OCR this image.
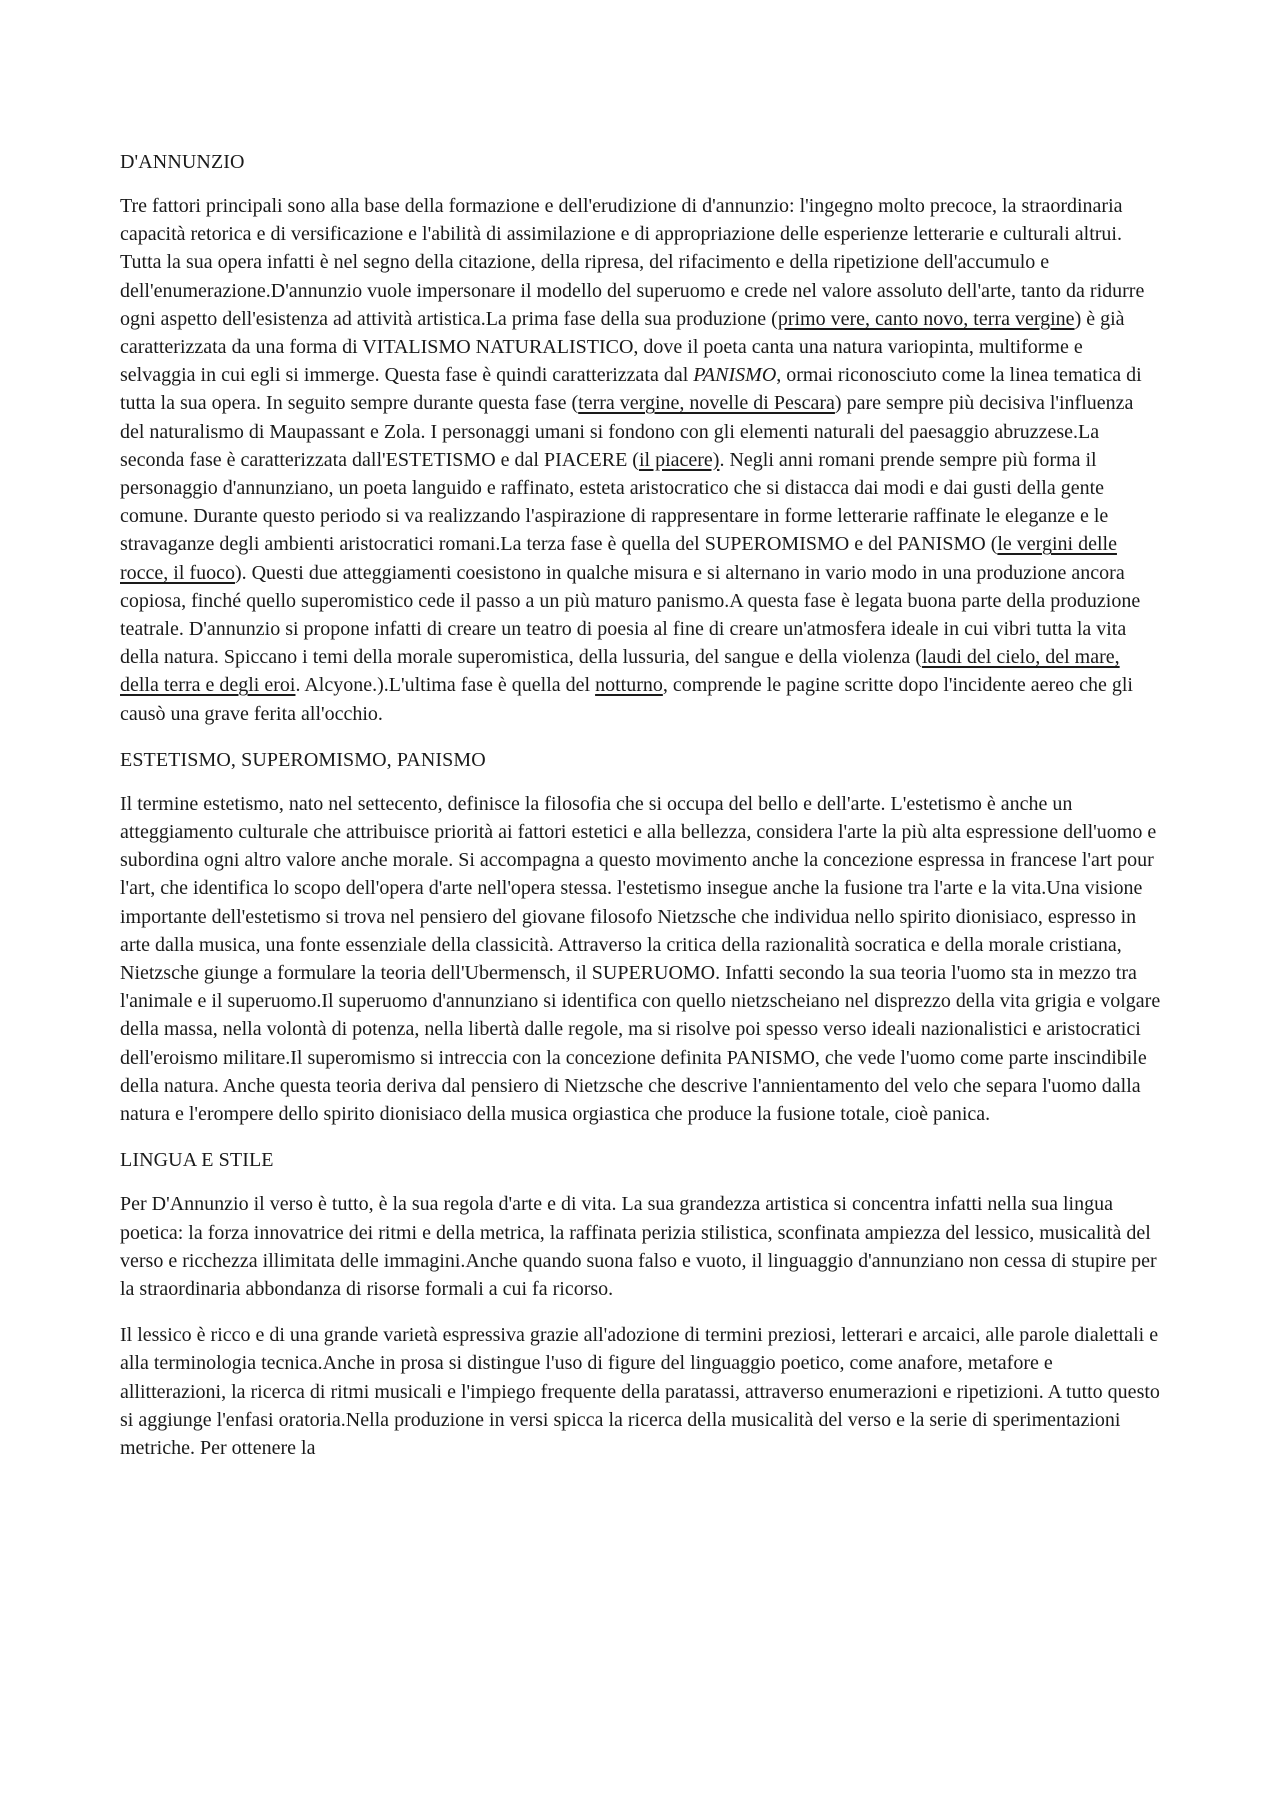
D'ANNUNZIO

Tre fattori principali sono alla base della formazione e dell'erudizione di d'annunzio: l'ingegno molto precoce, la straordinaria capacità retorica e di versificazione e l'abilità di assimilazione e di appropriazione delle esperienze letterarie e culturali altrui. Tutta la sua opera infatti è nel segno della citazione, della ripresa, del rifacimento e della ripetizione dell'accumulo e dell'enumerazione.D'annunzio vuole impersonare il modello del superuomo e crede nel valore assoluto dell'arte, tanto da ridurre ogni aspetto dell'esistenza ad attività artistica.La prima fase della sua produzione (primo vere, canto novo, terra vergine) è già caratterizzata da una forma di VITALISMO NATURALISTICO, dove il poeta canta una natura variopinta, multiforme e selvaggia in cui egli si immerge. Questa fase è quindi caratterizzata dal PANISMO, ormai riconosciuto come la linea tematica di tutta la sua opera. In seguito sempre durante questa fase (terra vergine, novelle di Pescara) pare sempre più decisiva l'influenza del naturalismo di Maupassant e Zola. I personaggi umani si fondono con gli elementi naturali del paesaggio abruzzese.La seconda fase è caratterizzata dall'ESTETISMO e dal PIACERE (il piacere). Negli anni romani prende sempre più forma il personaggio d'annunziano, un poeta languido e raffinato, esteta aristocratico che si distacca dai modi e dai gusti della gente comune. Durante questo periodo si va realizzando l'aspirazione di rappresentare in forme letterarie raffinate le eleganze e le stravaganze degli ambienti aristocratici romani.La terza fase è quella del SUPEROMISMO e del PANISMO (le vergini delle rocce, il fuoco). Questi due atteggiamenti coesistono in qualche misura e si alternano in vario modo in una produzione ancora copiosa, finché quello superomistico cede il passo a un più maturo panismo.A questa fase è legata buona parte della produzione teatrale. D'annunzio si propone infatti di creare un teatro di poesia al fine di creare un'atmosfera ideale in cui vibri tutta la vita della natura. Spiccano i temi della morale superomistica, della lussuria, del sangue e della violenza (laudi del cielo, del mare, della terra e degli eroi. Alcyone.).L'ultima fase è quella del notturno, comprende le pagine scritte dopo l'incidente aereo che gli causò una grave ferita all'occhio.

ESTETISMO, SUPEROMISMO, PANISMO

Il termine estetismo, nato nel settecento, definisce la filosofia che si occupa del bello e dell'arte. L'estetismo è anche un atteggiamento culturale che attribuisce priorità ai fattori estetici e alla bellezza, considera l'arte la più alta espressione dell'uomo e subordina ogni altro valore anche morale. Si accompagna a questo movimento anche la concezione espressa in francese l'art pour l'art, che identifica lo scopo dell'opera d'arte nell'opera stessa. l'estetismo insegue anche la fusione tra l'arte e la vita.Una visione importante dell'estetismo si trova nel pensiero del giovane filosofo Nietzsche che individua nello spirito dionisiaco, espresso in arte dalla musica, una fonte essenziale della classicità. Attraverso la critica della razionalità socratica e della morale cristiana, Nietzsche giunge a formulare la teoria dell'Ubermensch, il SUPERUOMO. Infatti secondo la sua teoria l'uomo sta in mezzo tra l'animale e il superuomo.Il superuomo d'annunziano si identifica con quello nietzscheiano nel disprezzo della vita grigia e volgare della massa, nella volontà di potenza, nella libertà dalle regole, ma si risolve poi spesso verso ideali nazionalistici e aristocratici dell'eroismo militare.Il superomismo si intreccia con la concezione definita PANISMO, che vede l'uomo come parte inscindibile della natura. Anche questa teoria deriva dal pensiero di Nietzsche che descrive l'annientamento del velo che separa l'uomo dalla natura e l'erompere dello spirito dionisiaco della musica orgiastica che produce la fusione totale, cioè panica.

LINGUA E STILE

Per D'Annunzio il verso è tutto, è la sua regola d'arte e di vita. La sua grandezza artistica si concentra infatti nella sua lingua poetica: la forza innovatrice dei ritmi e della metrica, la raffinata perizia stilistica, sconfinata ampiezza del lessico, musicalità del verso e ricchezza illimitata delle immagini.Anche quando suona falso e vuoto, il linguaggio d'annunziano non cessa di stupire per la straordinaria abbondanza di risorse formali a cui fa ricorso.

Il lessico è ricco e di una grande varietà espressiva grazie all'adozione di termini preziosi, letterari e arcaici, alle parole dialettali e alla terminologia tecnica.Anche in prosa si distingue l'uso di figure del linguaggio poetico, come anafore, metafore e allitterazioni, la ricerca di ritmi musicali e l'impiego frequente della paratassi, attraverso enumerazioni e ripetizioni. A tutto questo si aggiunge l'enfasi oratoria.Nella produzione in versi spicca la ricerca della musicalità del verso e la serie di sperimentazioni metriche. Per ottenere la
